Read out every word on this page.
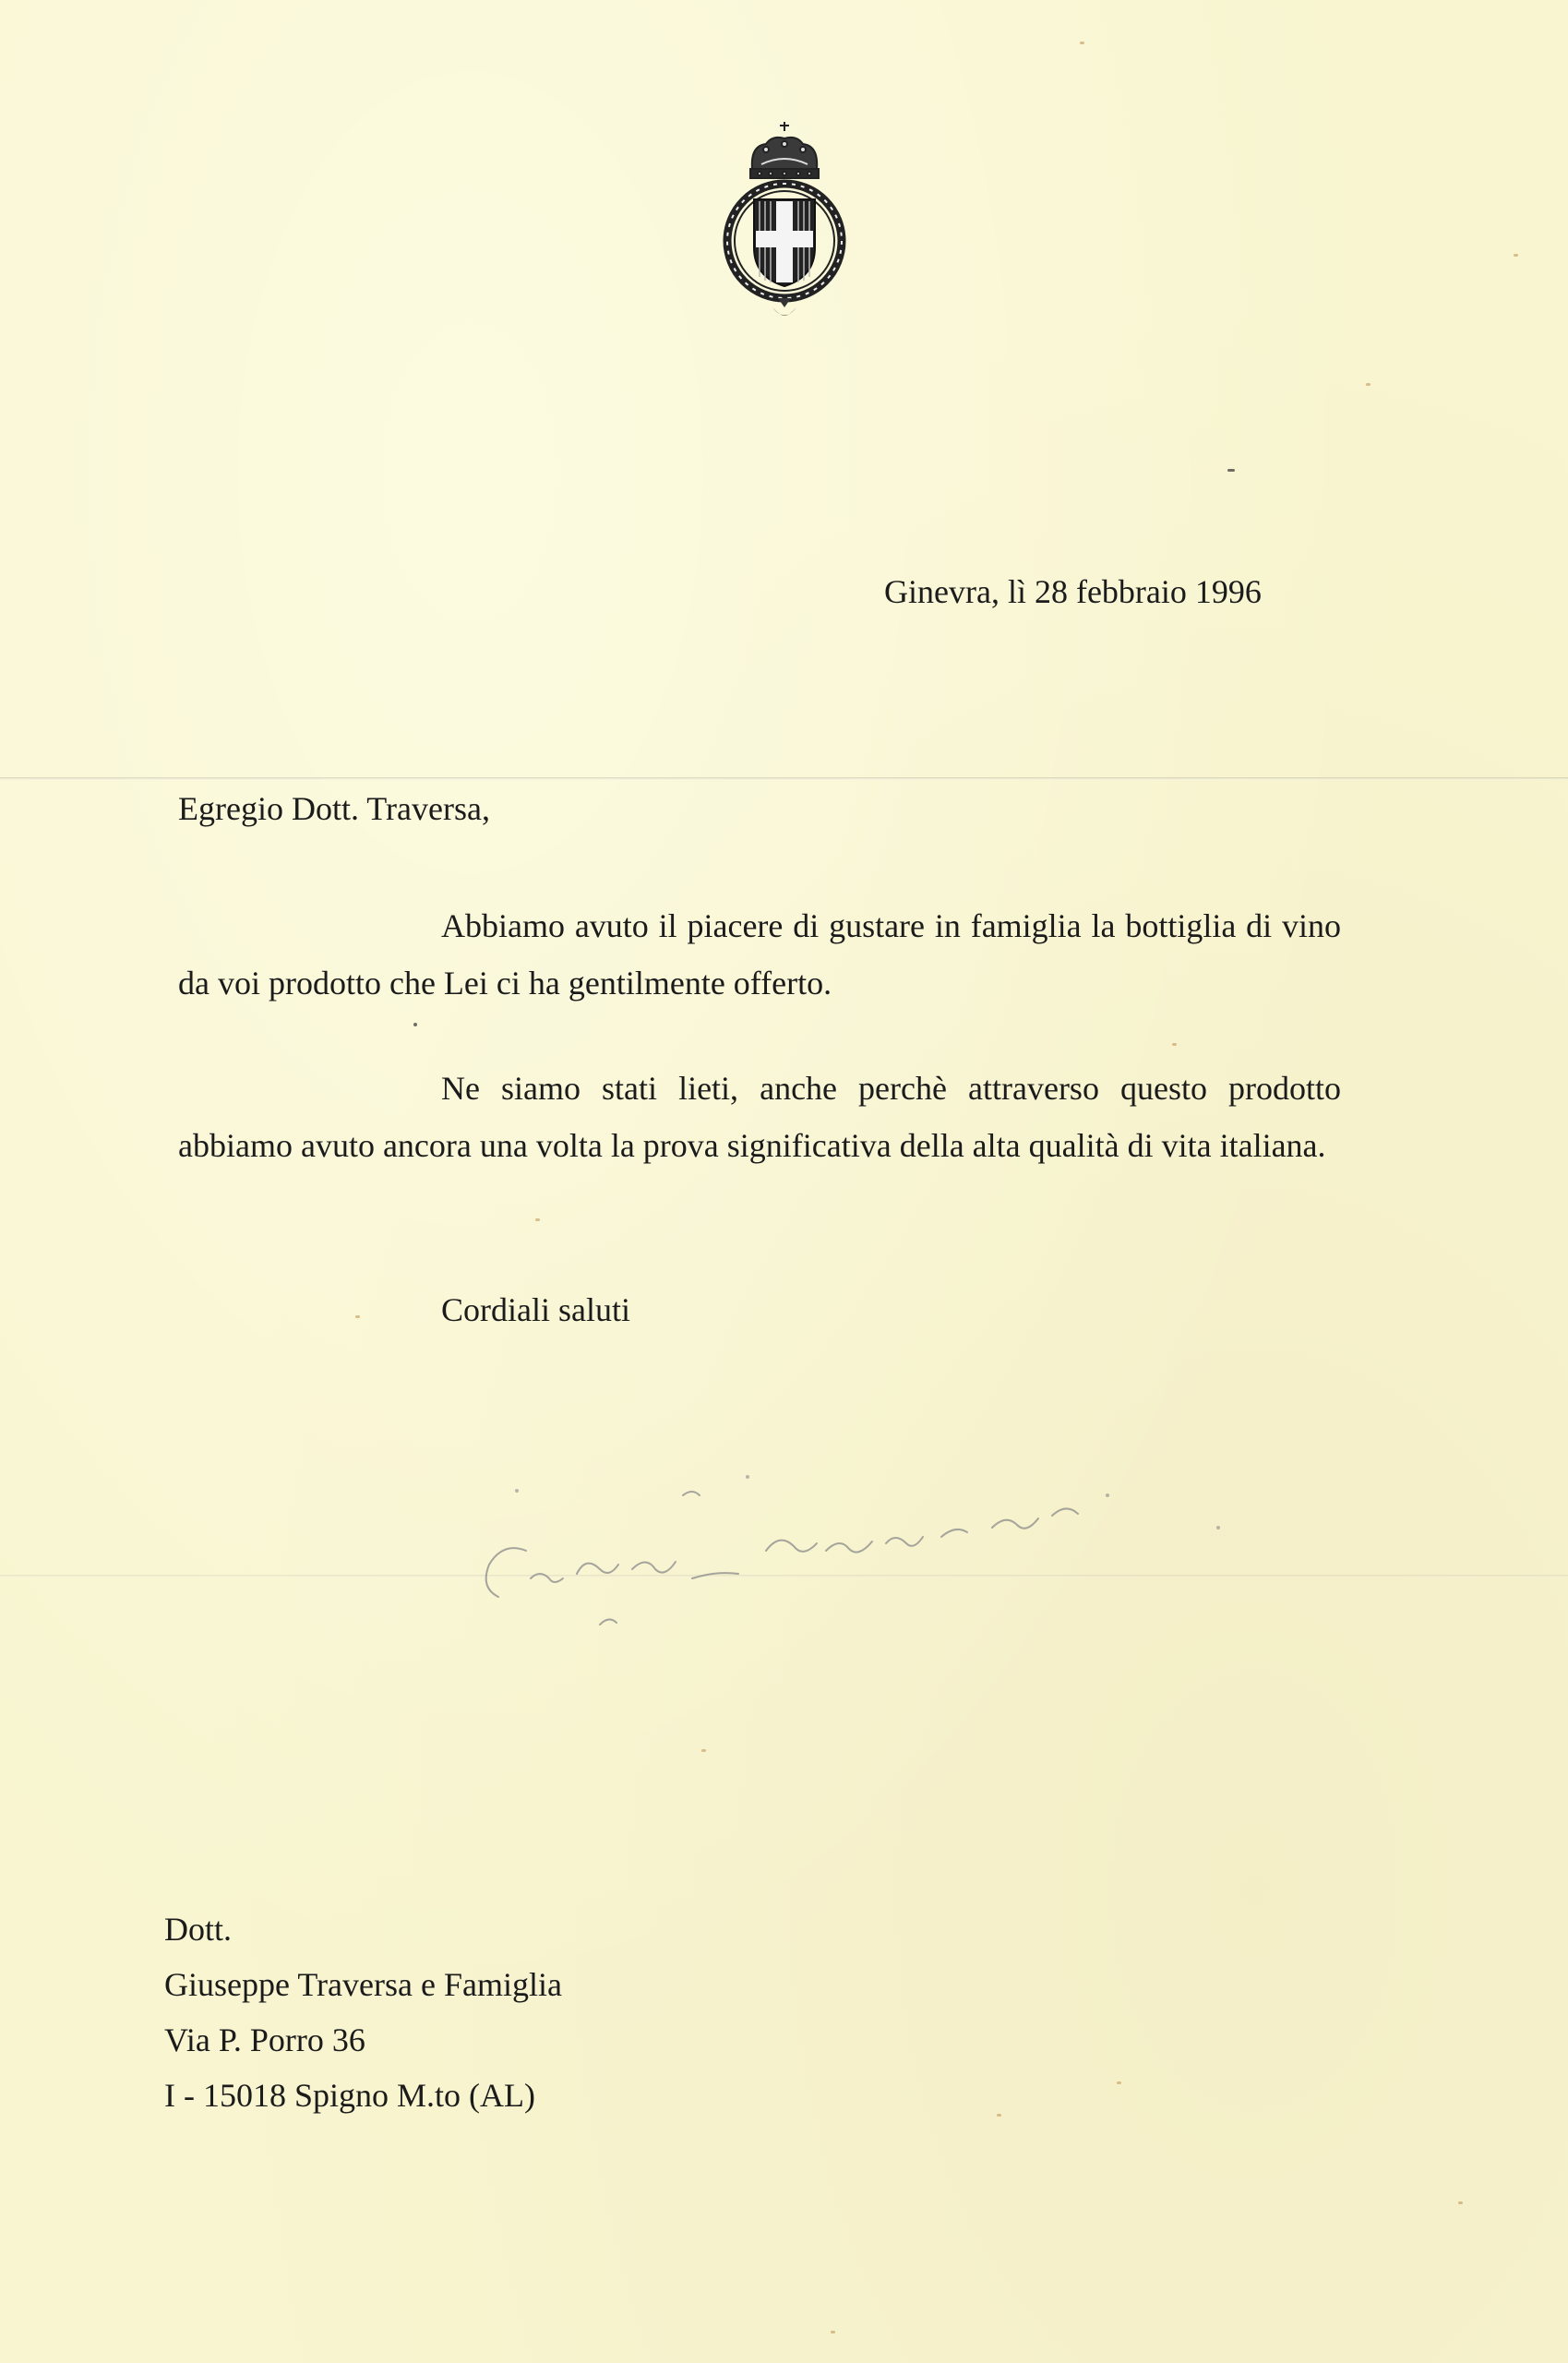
Ginevra, lì 28 febbraio 1996
Egregio Dott. Traversa,
Abbiamo avuto il piacere di gustare in famiglia la bottiglia di vino da voi prodotto che Lei ci ha gentilmente offerto.
Ne siamo stati lieti, anche perchè attraverso questo prodotto abbiamo avuto ancora una volta la prova significativa della alta qualità di vita italiana.
Cordiali saluti
Dott.
Giuseppe Traversa e Famiglia
Via P. Porro 36
I - 15018 Spigno M.to (AL)
